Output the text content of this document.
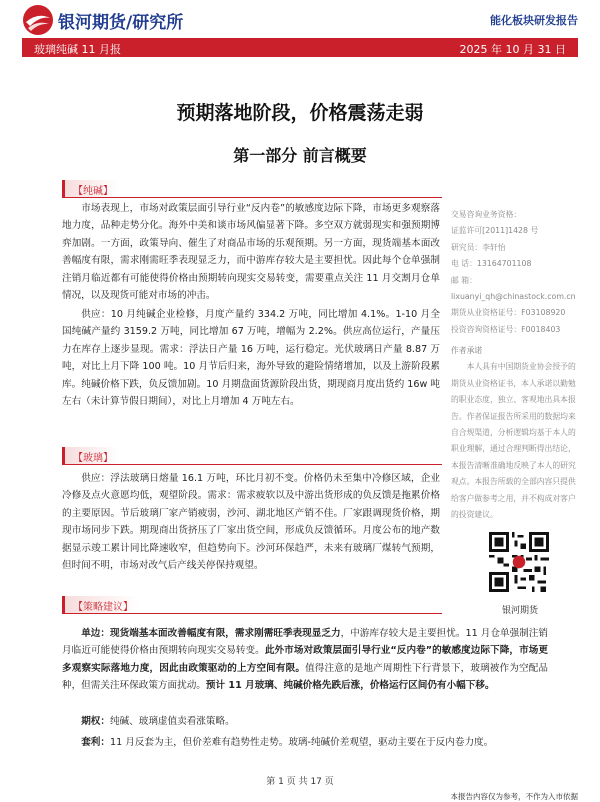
银河期货/研究所	能化板块研发报告
玻璃纯碱 11 月报	2025 年 10 月 31 日
预期落地阶段，价格震荡走弱
第一部分 前言概要
【纯碱】
市场表现上，市场对政策层面引导行业“反内卷”的敏感度边际下降，市场更多观察落地力度，品种走势分化。海外中美和谈市场风偏显著下降。多空双方就弱现实和强预期博弈加剧。一方面，政策导向、催生了对商品市场的乐观预期。另一方面，现货端基本面改善幅度有限，需求刚需旺季表现显乏力，而中游库存较大是主要担忧。因此每个仓单强制注销月临近都有可能使得价格由预期转向现实交易转变，需要重点关注 11 月交割月仓单情况，以及现货可能对市场的冲击。
供应：10 月纯碱企业检修，月度产量约 334.2 万吨，同比增加 4.1%。1-10 月全国纯碱产量约 3159.2 万吨，同比增加 67 万吨，增幅为 2.2%。供应高位运行，产量压力在库存上逐步显现。需求：浮法日产量 16 万吨，运行稳定。光伏玻璃日产量 8.87 万吨，对比上月下降 100 吨。10 月节后归来，海外导致的避险情绪增加，以及上游阶段累库。纯碱价格下跌，负反馈加剧。10 月期盘面货源阶段出货，期现商月度出货约 16w 吨左右（未计算节假日期间），对比上月增加 4 万吨左右。
【玻璃】
供应：浮法玻璃日熔量 16.1 万吨，环比月初不变。价格仍未至集中冷修区域，企业冷修及点火意愿均低，观望阶段。需求：需求疲软以及中游出货形成的负反馈是拖累价格的主要原因。节后玻璃厂家产销疲弱，沙河、湖北地区产销不佳。厂家跟调现货价格，期现市场同步下跌。期现商出货挤压了厂家出货空间，形成负反馈循环。月度公布的地产数据显示竣工累计同比降速收窄，但趋势向下。沙河环保趋严，未来有玻璃厂煤转气预期，但时间不明，市场对改气后产线关停保持观望。
【策略建议】
单边：现货端基本面改善幅度有限，需求刚需旺季表现显乏力，中游库存较大是主要担忧。11 月仓单强制注销月临近可能使得价格由预期转向现实交易转变。此外市场对政策层面引导行业“反内卷”的敏感度边际下降，市场更多观察实际落地力度，因此由政策驱动的上方空间有限。值得注意的是地产周期性下行背景下，玻璃被作为空配品种，但需关注环保政策方面扰动。预计 11 月玻璃、纯碱价格先跌后涨，价格运行区间仍有小幅下移。
期权：纯碱、玻璃虚值卖看涨策略。
套利：11 月反套为主，但价差难有趋势性走势。玻璃-纯碱价差观望，驱动主要在于反内卷力度。
交易咨询业务资格：
证监许可[2011]1428 号
研究员：李轩怡
电 话：13164701108
邮 箱：
lixuanyi_qh@chinastock.com.cn
期货从业资格证号：F03108920
投资咨询资格证号：F0018403
作者承诺
本人具有中国期货业协会授予的期货从业资格证书，本人承诺以勤勉的职业态度，独立、客观地出具本报告。作者保证报告所采用的数据均来自合规渠道，分析逻辑均基于本人的职业理解，通过合理判断得出结论，本报告清晰准确地反映了本人的研究观点。本报告所载的全部内容只提供给客户做参考之用，并不构成对客户的投资建议。
银河期货
第 1 页 共 17 页
本报告内容仅为参考，不作为入市依据
